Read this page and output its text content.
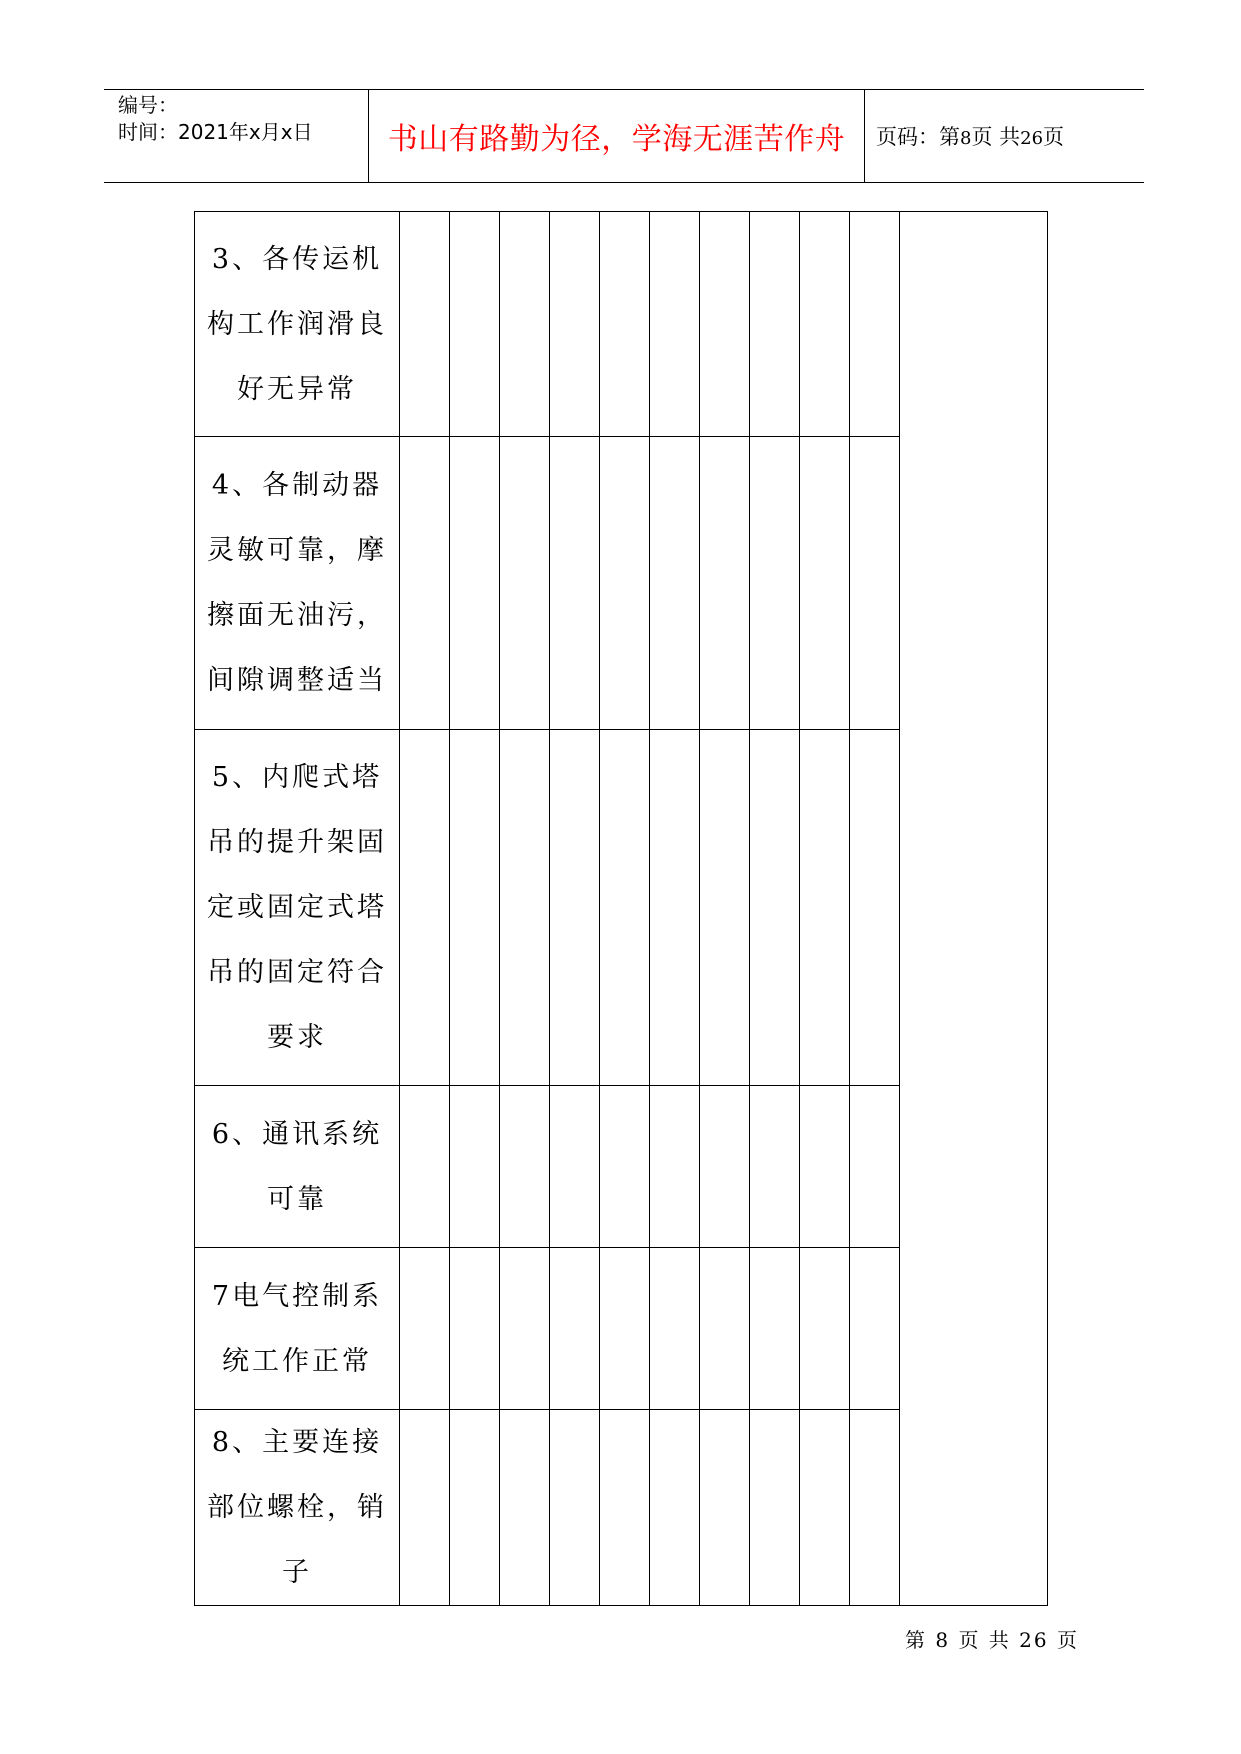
编号：
时间：2021年x月x日	书山有路勤为径，学海无涯苦作舟 页码：第8页 共26页
3、各传运机构工作润滑良好无异常											
4、各制动器灵敏可靠，摩擦面无油污，间隙调整适当											
5、内爬式塔吊的提升架固定或固定式塔吊的固定符合要求											
6、通讯系统可靠											
7电气控制系统工作正常											
8、主要连接部位螺栓，销子											
第 8 页 共 26 页
